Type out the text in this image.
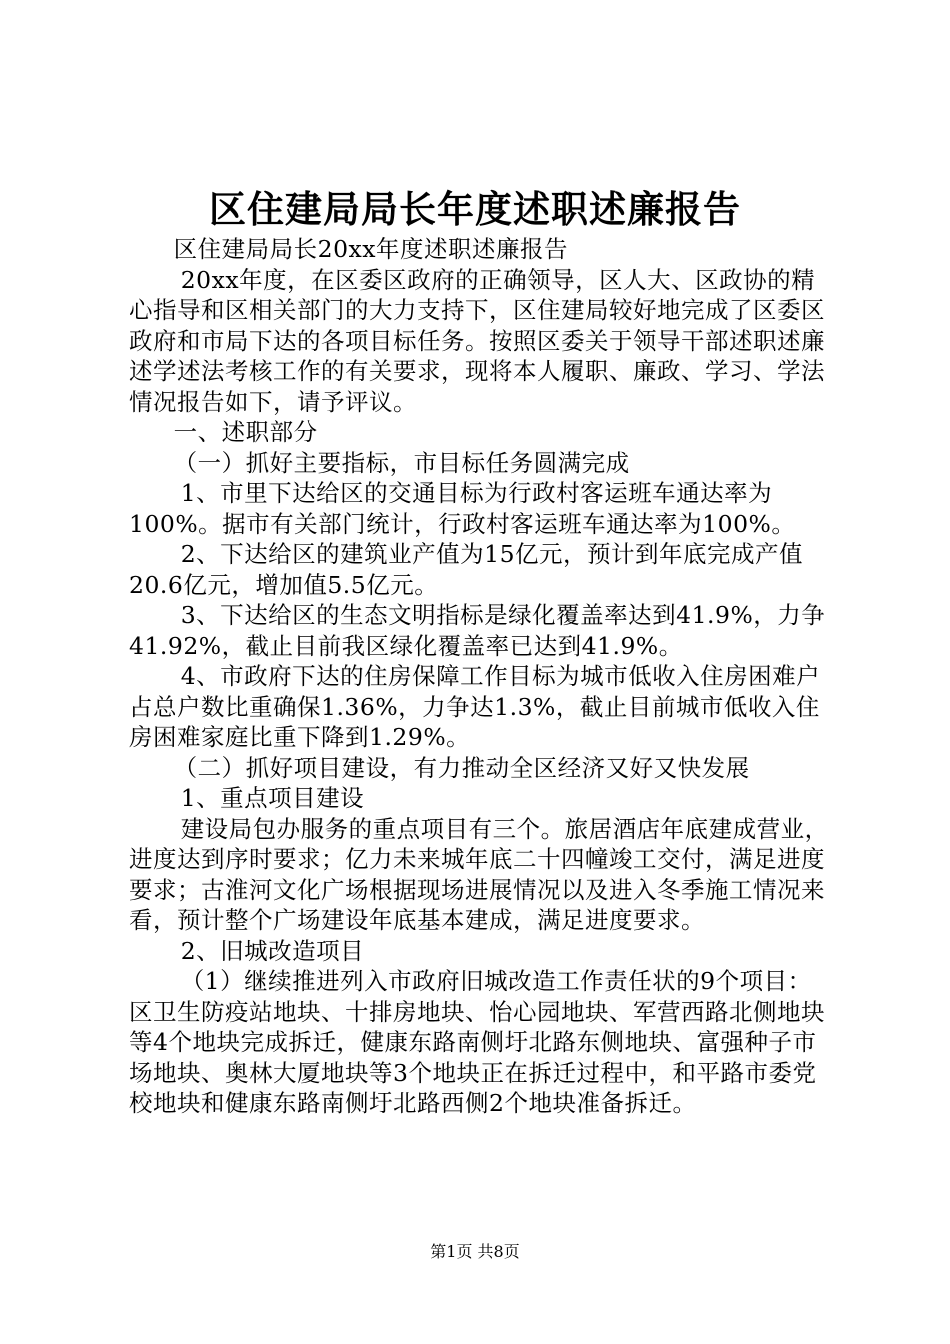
区住建局局长年度述职述廉报告

区住建局局长20xx年度述职述廉报告

20xx年度，在区委区政府的正确领导，区人大、区政协的精心指导和区相关部门的大力支持下，区住建局较好地完成了区委区政府和市局下达的各项目标任务。按照区委关于领导干部述职述廉述学述法考核工作的有关要求，现将本人履职、廉政、学习、学法情况报告如下，请予评议。

一、述职部分

（一）抓好主要指标，市目标任务圆满完成

1、市里下达给区的交通目标为行政村客运班车通达率为100%。据市有关部门统计，行政村客运班车通达率为100%。

2、下达给区的建筑业产值为15亿元，预计到年底完成产值20.6亿元，增加值5.5亿元。

3、下达给区的生态文明指标是绿化覆盖率达到41.9%，力争41.92%，截止目前我区绿化覆盖率已达到41.9%。

4、市政府下达的住房保障工作目标为城市低收入住房困难户占总户数比重确保1.36%，力争达1.3%，截止目前城市低收入住房困难家庭比重下降到1.29%。

（二）抓好项目建设，有力推动全区经济又好又快发展

1、重点项目建设

建设局包办服务的重点项目有三个。旅居酒店年底建成营业，进度达到序时要求；亿力未来城年底二十四幢竣工交付，满足进度要求；古淮河文化广场根据现场进展情况以及进入冬季施工情况来看，预计整个广场建设年底基本建成，满足进度要求。

2、旧城改造项目

（1）继续推进列入市政府旧城改造工作责任状的9个项目：区卫生防疫站地块、十排房地块、怡心园地块、军营西路北侧地块等4个地块完成拆迁，健康东路南侧圩北路东侧地块、富强种子市场地块、奥林大厦地块等3个地块正在拆迁过程中，和平路市委党校地块和健康东路南侧圩北路西侧2个地块准备拆迁。

第1页 共8页
